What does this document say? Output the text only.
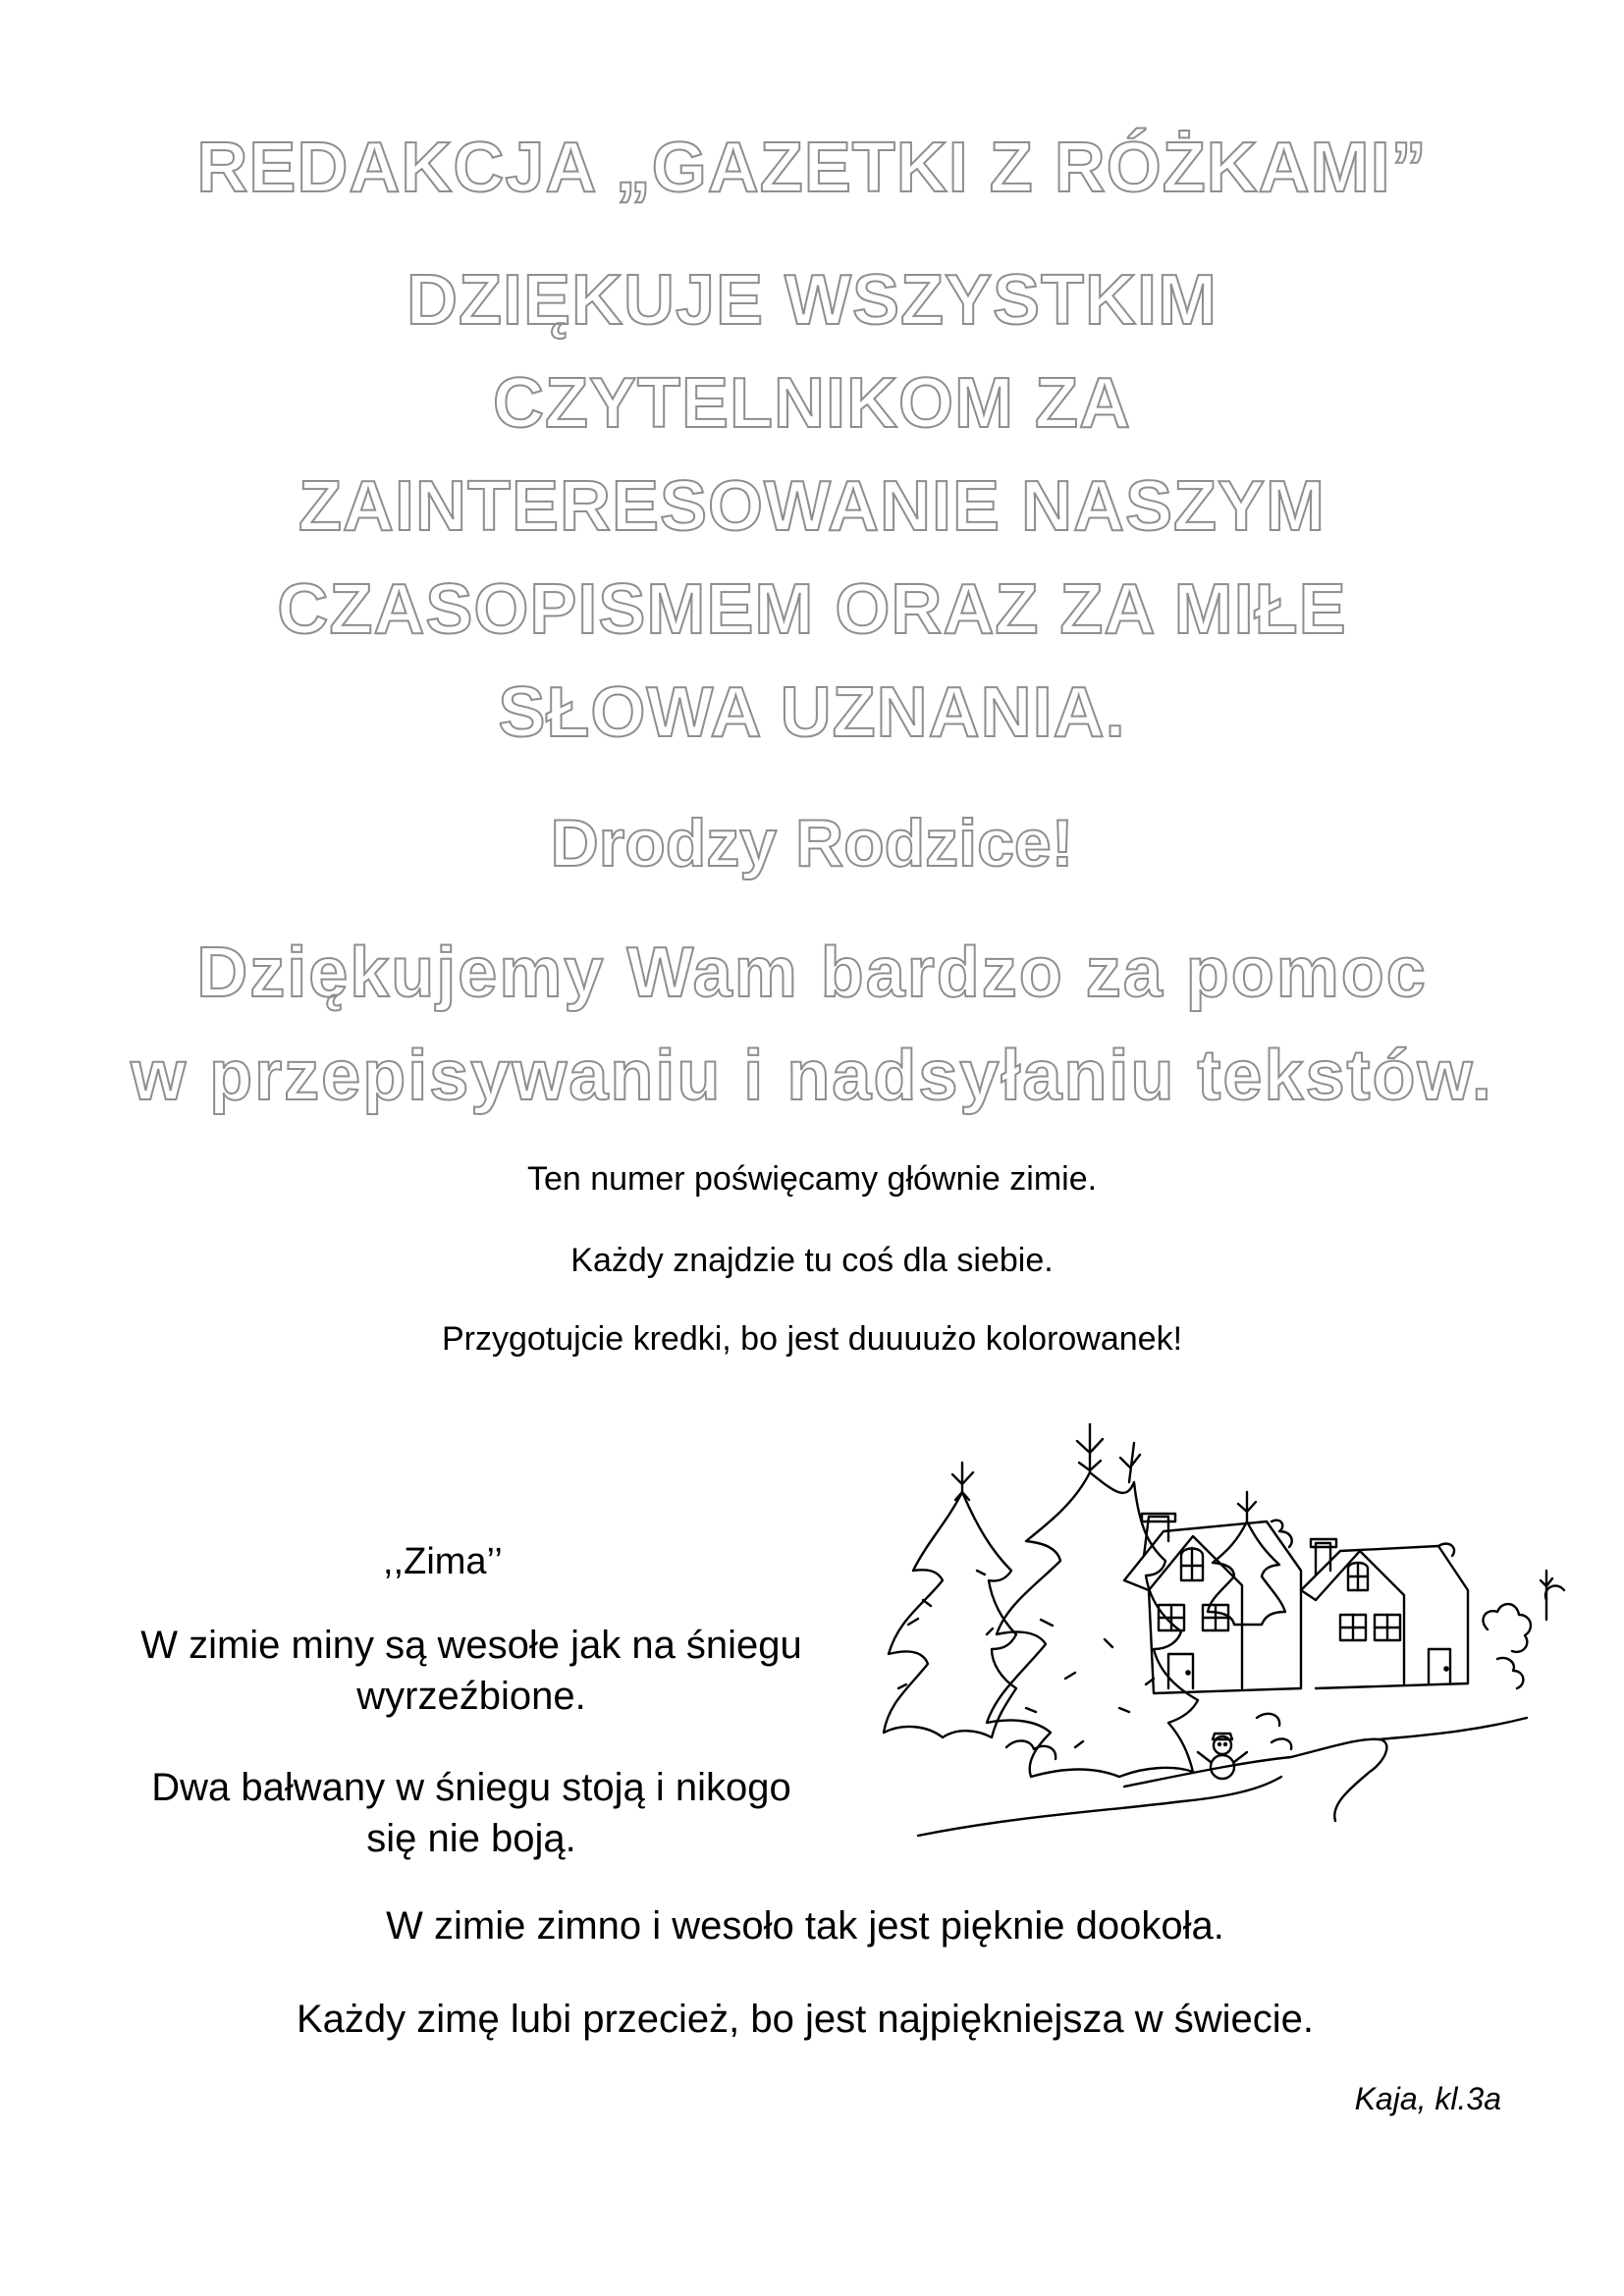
REDAKCJA „GAZETKI Z RÓŻKAMI”
DZIĘKUJE WSZYSTKIM
CZYTELNIKOM ZA
ZAINTERESOWANIE NASZYM
CZASOPISMEM ORAZ ZA MIŁE
SŁOWA UZNANIA.
Drodzy Rodzice!
Dziękujemy Wam bardzo za pomoc
w przepisywaniu i nadsyłaniu tekstów.

Ten numer poświęcamy głównie zimie.

Każdy znajdzie tu coś dla siebie.

Przygotujcie kredki, bo jest duuuużo kolorowanek!

,,Zima’’

W zimie miny są wesołe jak na śniegu
wyrzeźbione.

Dwa bałwany w śniegu stoją i nikogo
się nie boją.

W zimie zimno i wesoło tak jest pięknie dookoła.

Każdy zimę lubi przecież, bo jest najpiękniejsza w świecie.

Kaja, kl.3a
